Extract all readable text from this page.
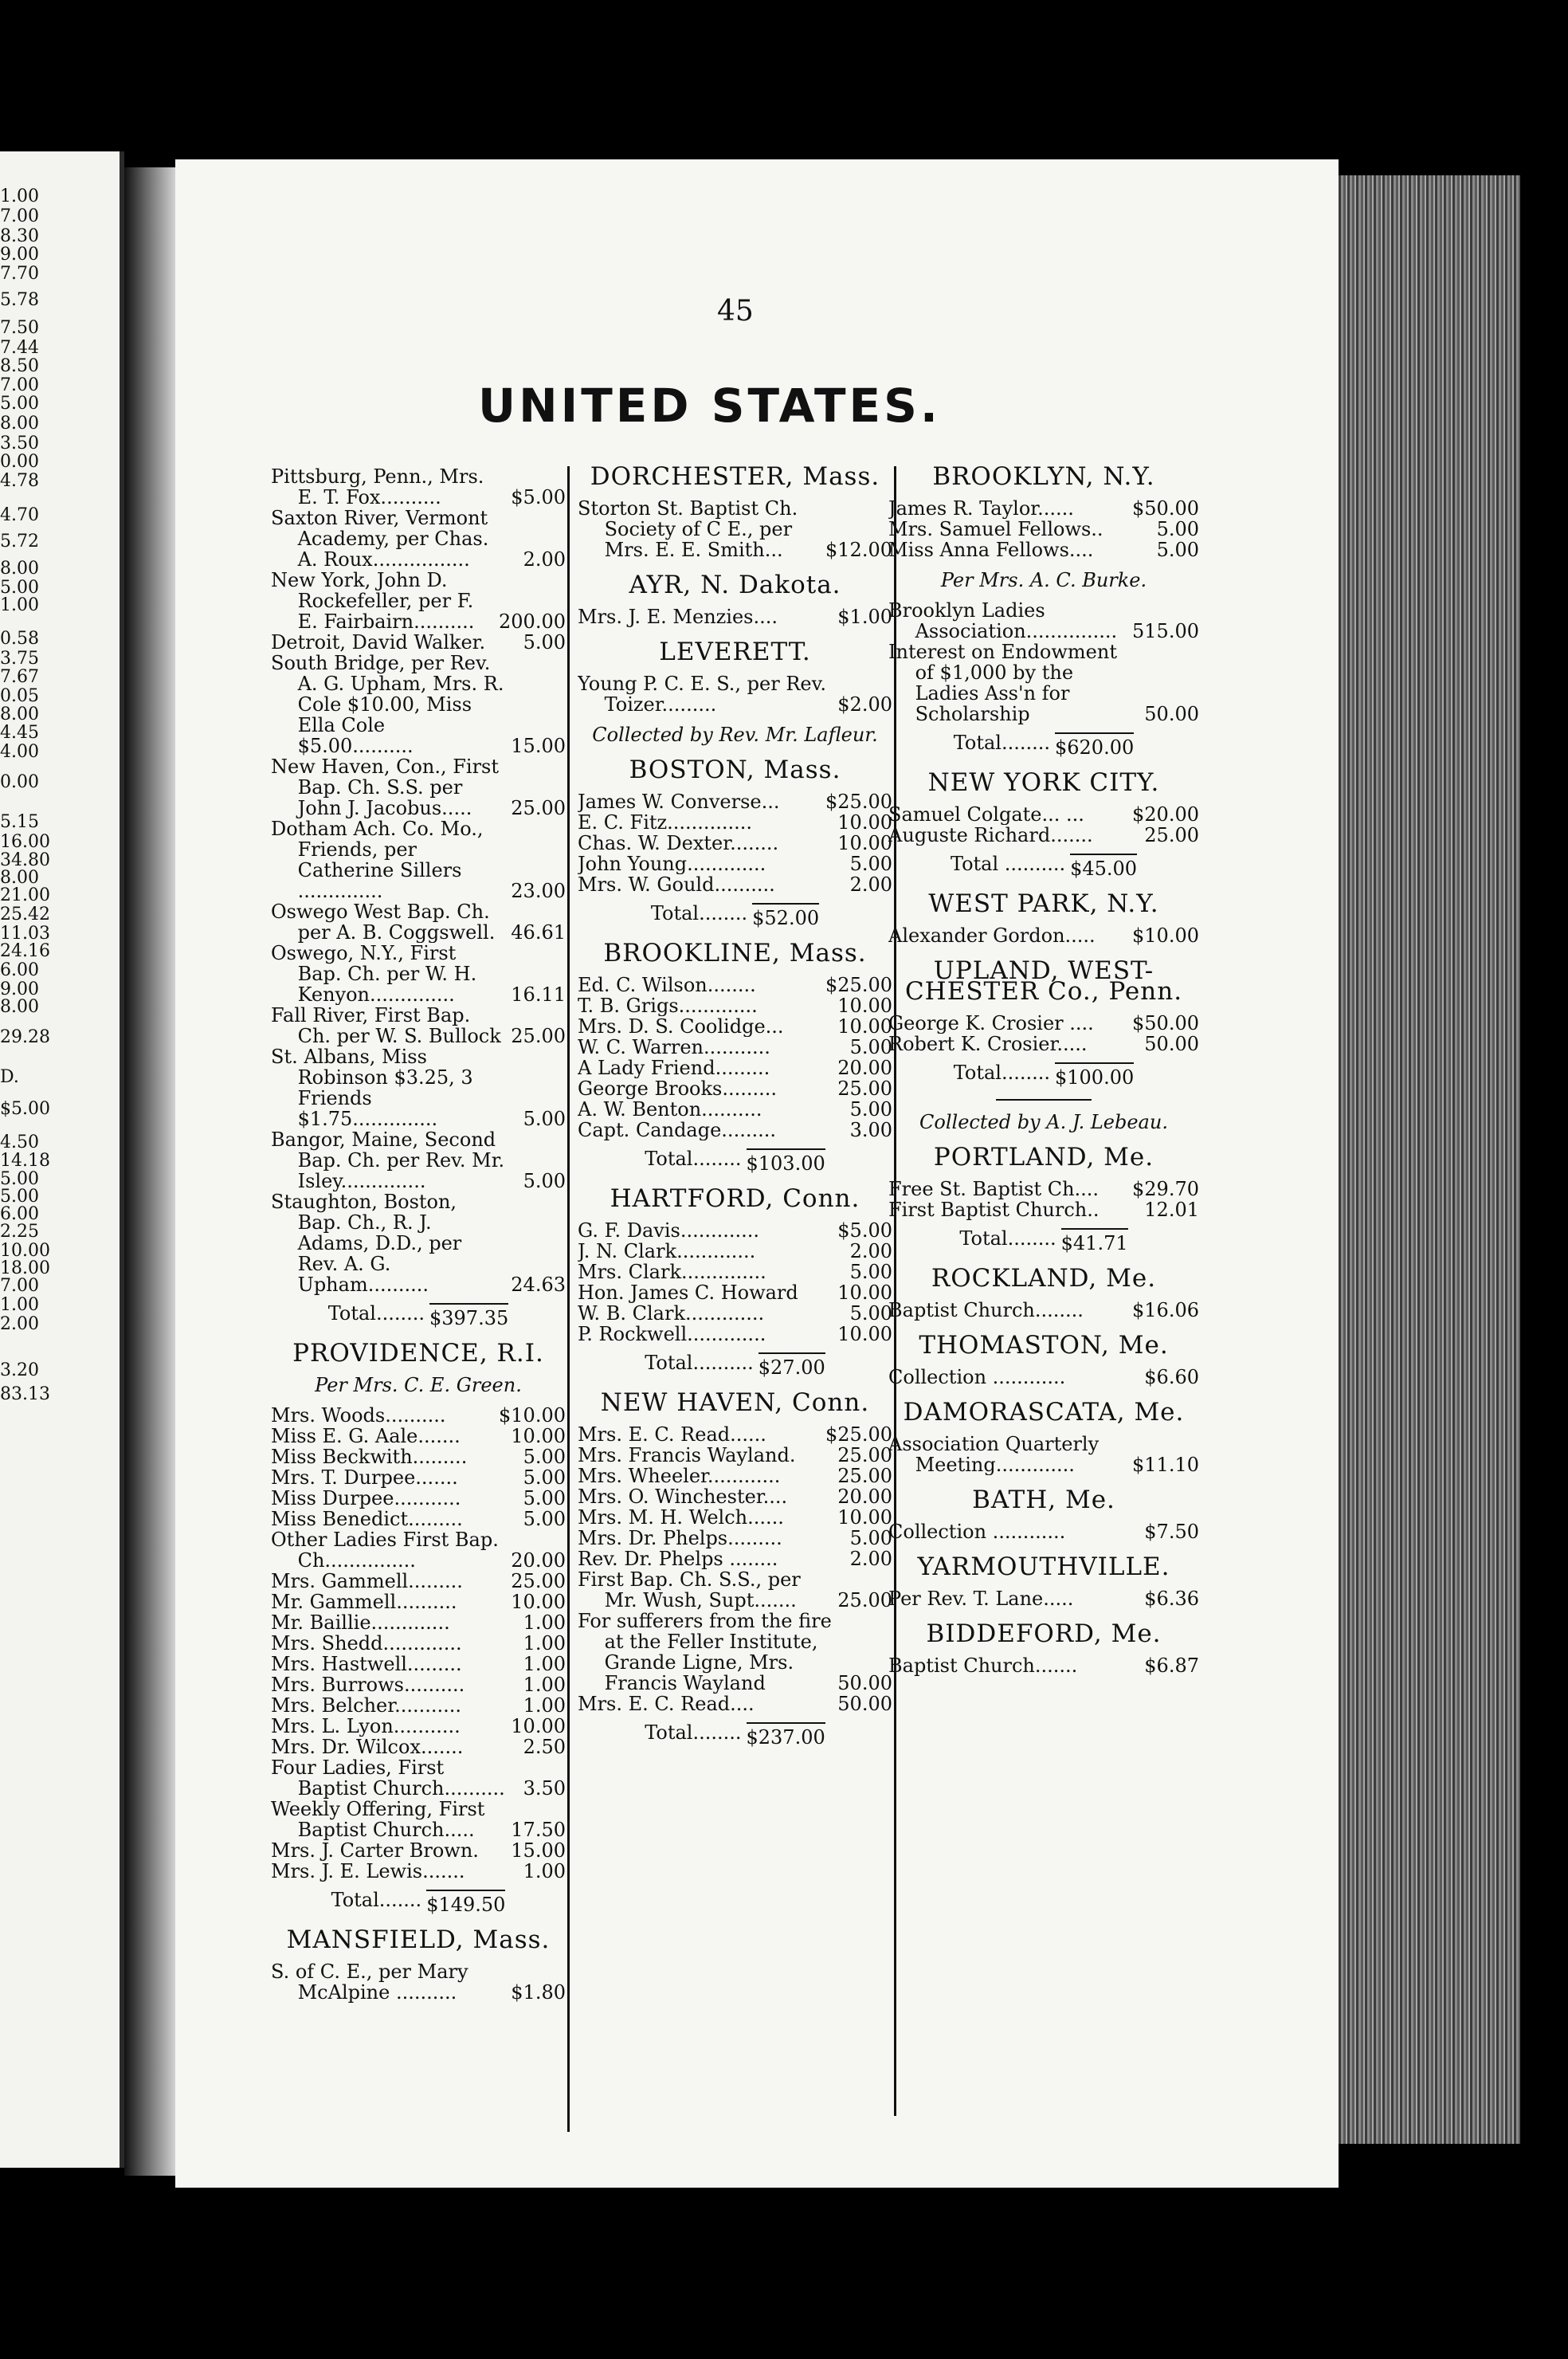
1.00
7.00
8.30
9.00
7.70
5.78
7.50
7.44
8.50
7.00
5.00
8.00
3.50
0.00
4.78
4.70
5.72
8.00
5.00
1.00
0.58
3.75
7.67
0.05
8.00
4.45
4.00
0.00
5.15
16.00
34.80
8.00
21.00
25.42
11.03
24.16
6.00
9.00
8.00
29.28
D.
$5.00
4.50
14.18
5.00
5.00
6.00
2.25
10.00
18.00
7.00
1.00
2.00
3.20
83.13
45
UNITED STATES.
Pittsburg, Penn., Mrs. E. T. Fox..........	$5.00
Saxton River, Vermont Academy, per Chas. A. Roux................	2.00
New York, John D. Rockefeller, per F. E. Fairbairn..........	200.00
Detroit, David Walker.	5.00
South Bridge, per Rev. A. G. Upham, Mrs. R. Cole $10.00, Miss Ella Cole $5.00..........	15.00
New Haven, Con., First Bap. Ch. S.S. per John J. Jacobus.....	25.00
Dotham Ach. Co. Mo., Friends, per Catherine Sillers ..............	23.00
Oswego West Bap. Ch. per A. B. Coggswell. 46.61
Oswego, N.Y., First Bap. Ch. per W. H. Kenyon..............	16.11
Fall River, First Bap. Ch. per W. S. Bullock 25.00
St. Albans, Miss Robinson $3.25, 3 Friends $1.75..............	5.00
Bangor, Maine, Second Bap. Ch. per Rev. Mr. Isley..............	5.00
Staughton, Boston, Bap. Ch., R. J. Adams, D.D., per Rev. A. G. Upham..........	24.63
Total........ $397.35
PROVIDENCE, R.I.
Per Mrs. C. E. Green.
Mrs. Woods..........	$10.00
Miss E. G. Aale.......	10.00
Miss Beckwith.........	5.00
Mrs. T. Durpee.......	5.00
Miss Durpee...........	5.00
Miss Benedict.........	5.00
Other Ladies First Bap. Ch...............	20.00
Mrs. Gammell.........	25.00
Mr. Gammell..........	10.00
Mr. Baillie.............	1.00
Mrs. Shedd.............	1.00
Mrs. Hastwell.........	1.00
Mrs. Burrows..........	1.00
Mrs. Belcher...........	1.00
Mrs. L. Lyon...........	10.00
Mrs. Dr. Wilcox.......	2.50
Four Ladies, First Baptist Church.......... 3.50
Weekly Offering, First Baptist Church.....	17.50
Mrs. J. Carter Brown.	15.00
Mrs. J. E. Lewis.......	1.00
Total....... $149.50
MANSFIELD, Mass.
S. of C. E., per Mary McAlpine ..........	$1.80
DORCHESTER, Mass.
Storton St. Baptist Ch. Society of C E., per Mrs. E. E. Smith...	$12.00
AYR, N. Dakota.
Mrs. J. E. Menzies....	$1.00
LEVERETT.
Young P. C. E. S., per Rev. Toizer.........	$2.00
Collected by Rev. Mr. Lafleur.
BOSTON, Mass.
James W. Converse...	$25.00
E. C. Fitz..............	10.00
Chas. W. Dexter........	10.00
John Young.............	5.00
Mrs. W. Gould..........	2.00
Total........ $52.00
BROOKLINE, Mass.
Ed. C. Wilson........	$25.00
T. B. Grigs.............	10.00
Mrs. D. S. Coolidge...	10.00
W. C. Warren...........	5.00
A Lady Friend.........	20.00
George Brooks.........	25.00
A. W. Benton..........	5.00
Capt. Candage.........	3.00
Total........ $103.00
HARTFORD, Conn.
G. F. Davis.............	$5.00
J. N. Clark.............	2.00
Mrs. Clark..............	5.00
Hon. James C. Howard	10.00
W. B. Clark.............	5.00
P. Rockwell.............	10.00
Total.......... $27.00
NEW HAVEN, Conn.
Mrs. E. C. Read......	$25.00
Mrs. Francis Wayland.	25.00
Mrs. Wheeler............	25.00
Mrs. O. Winchester....	20.00
Mrs. M. H. Welch......	10.00
Mrs. Dr. Phelps.........	5.00
Rev. Dr. Phelps ........	2.00
First Bap. Ch. S.S., per Mr. Wush, Supt.......	25.00
For sufferers from the fire at the Feller Institute, Grande Ligne, Mrs. Francis Wayland	50.00
Mrs. E. C. Read....	50.00
Total........ $237.00
BROOKLYN, N.Y.
James R. Taylor......	$50.00
Mrs. Samuel Fellows..	5.00
Miss Anna Fellows....	5.00
Per Mrs. A. C. Burke.
Brooklyn Ladies Association............... 515.00
Interest on Endowment of $1,000 by the Ladies Ass'n for Scholarship	50.00
Total........ $620.00
NEW YORK CITY.
Samuel Colgate... ...	$20.00
Auguste Richard.......	25.00
Total .......... $45.00
WEST PARK, N.Y.
Alexander Gordon.....	$10.00
UPLAND, WEST-CHESTER Co., Penn.
George K. Crosier ....	$50.00
Robert K. Crosier.....	50.00
Total........ $100.00
Collected by A. J. Lebeau.
PORTLAND, Me.
Free St. Baptist Ch....	$29.70
First Baptist Church..	12.01
Total........ $41.71
ROCKLAND, Me.
Baptist Church........	$16.06
THOMASTON, Me.
Collection ............	$6.60
DAMORASCATA, Me.
Association Quarterly Meeting.............	$11.10
BATH, Me.
Collection ............	$7.50
YARMOUTHVILLE.
Per Rev. T. Lane.....	$6.36
BIDDEFORD, Me.
Baptist Church.......	$6.87
